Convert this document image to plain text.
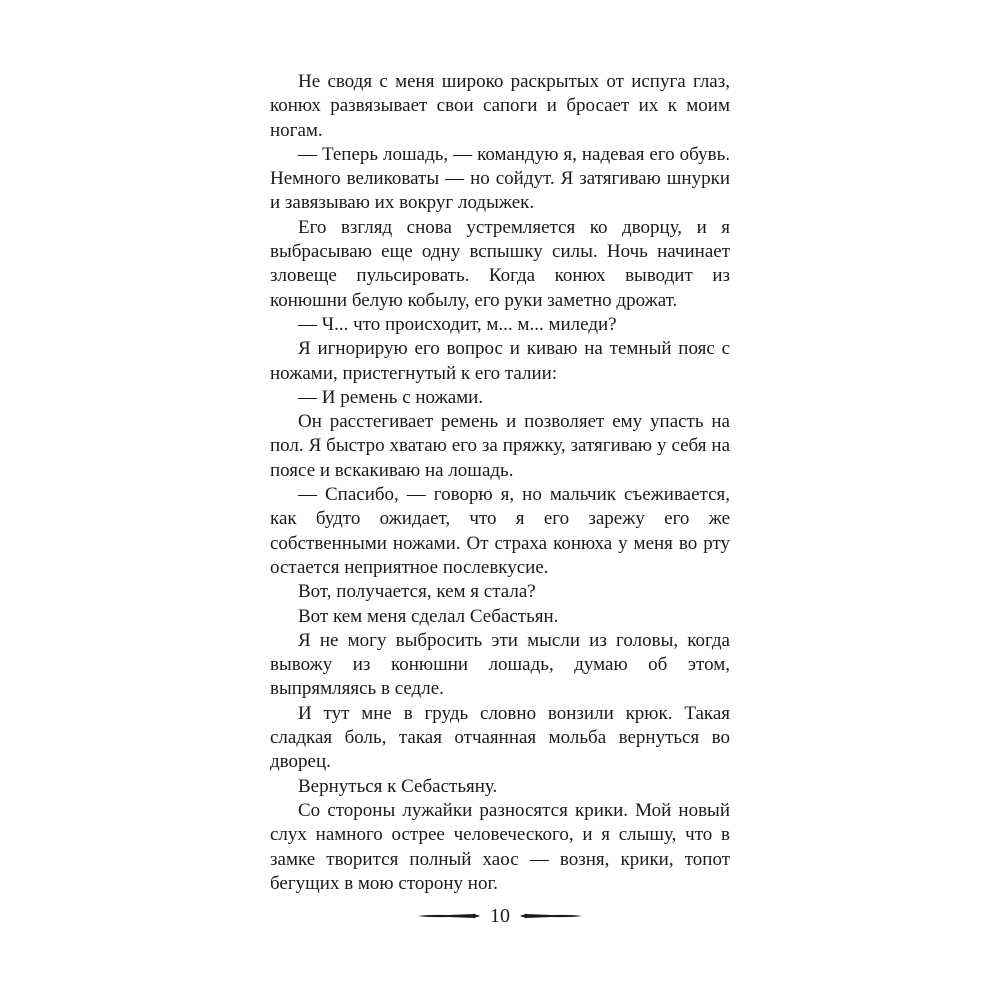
Не сводя с меня широко раскрытых от испуга глаз, конюх развязывает свои сапоги и бросает их к моим ногам.

— Теперь лошадь, — командую я, надевая его обувь. Немного великоваты — но сойдут. Я затягиваю шнурки и завязываю их вокруг лодыжек.

Его взгляд снова устремляется ко дворцу, и я выбрасываю еще одну вспышку силы. Ночь начинает зловеще пульсировать. Когда конюх выводит из конюшни белую кобылу, его руки заметно дрожат.

— Ч... что происходит, м... м... миледи?

Я игнорирую его вопрос и киваю на темный пояс с ножами, пристегнутый к его талии:

— И ремень с ножами.

Он расстегивает ремень и позволяет ему упасть на пол. Я быстро хватаю его за пряжку, затягиваю у себя на поясе и вскакиваю на лошадь.

— Спасибо, — говорю я, но мальчик съеживается, как будто ожидает, что я его зарежу его же собственными ножами. От страха конюха у меня во рту остается неприятное послевкусие.

Вот, получается, кем я стала?

Вот кем меня сделал Себастьян.

Я не могу выбросить эти мысли из головы, когда вывожу из конюшни лошадь, думаю об этом, выпрямляясь в седле.

И тут мне в грудь словно вонзили крюк. Такая сладкая боль, такая отчаянная мольба вернуться во дворец.

Вернуться к Себастьяну.

Со стороны лужайки разносятся крики. Мой новый слух намного острее человеческого, и я слышу, что в замке творится полный хаос — возня, крики, топот бегущих в мою сторону ног.

10
